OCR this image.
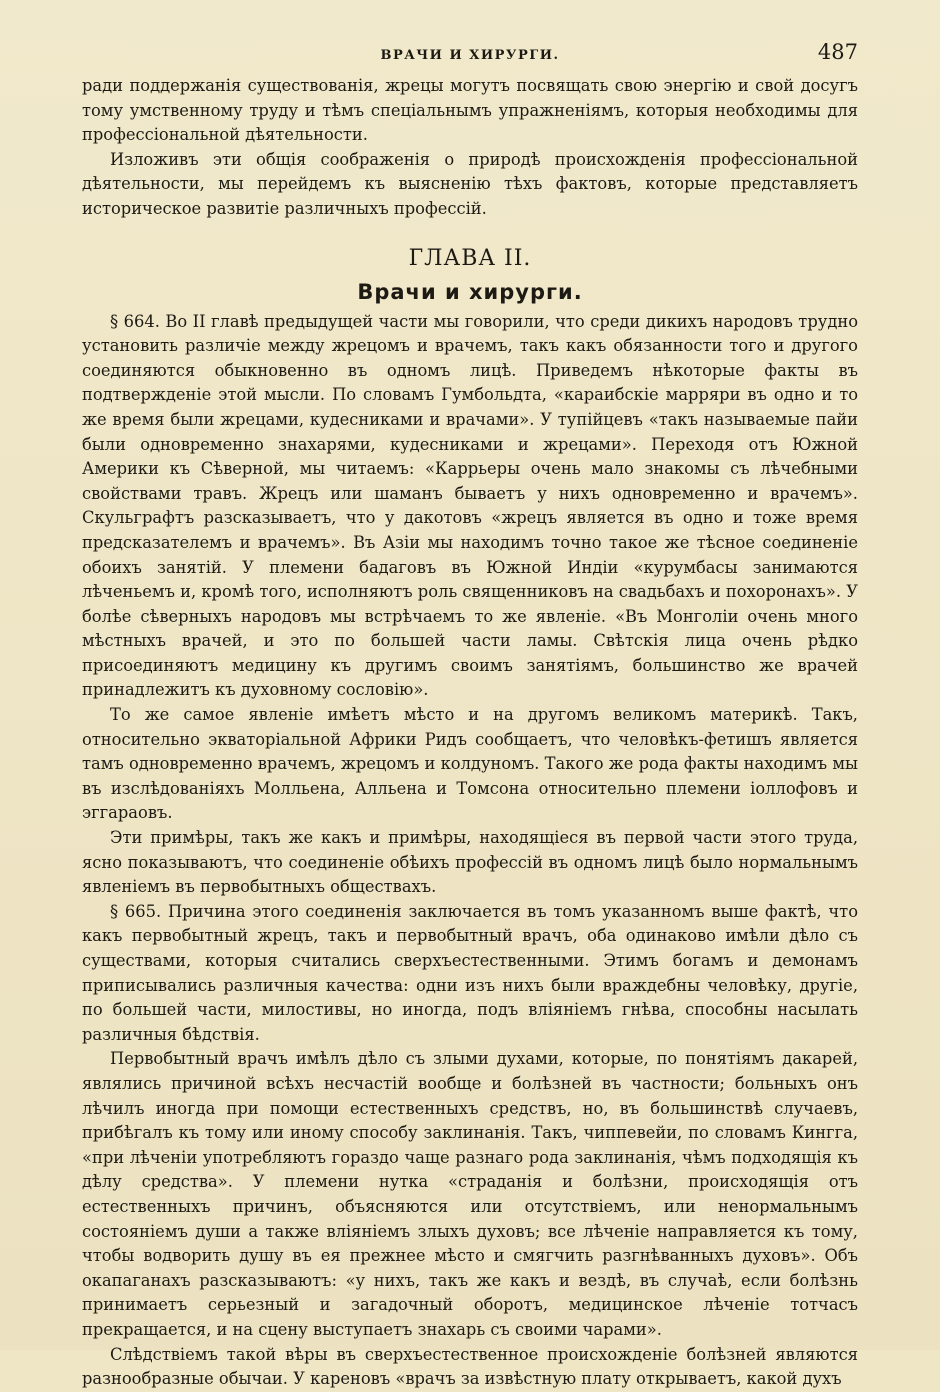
ВРАЧИ И ХИРУРГИ.	487

ради поддержанія существованія, жрецы могутъ посвящать свою энергію и свой досугъ тому умственному труду и тѣмъ спеціальнымъ упражненіямъ, которыя необходимы для профессіональной дѣятельности.

Изложивъ эти общія соображенія о природѣ происхожденія профессіональной дѣятельности, мы перейдемъ къ выясненію тѣхъ фактовъ, которые представляетъ историческое развитіе различныхъ профессій.

ГЛАВА II.
Врачи и хирурги.

§ 664. Во II главѣ предыдущей части мы говорили, что среди дикихъ народовъ трудно установить различіе между жрецомъ и врачемъ, такъ какъ обязанности того и другого соединяются обыкновенно въ одномъ лицѣ. Приведемъ нѣкоторые факты въ подтвержденіе этой мысли. По словамъ Гумбольдта, «караибскіе марряри въ одно и то же время были жрецами, кудесниками и врачами». У тупійцевъ «такъ называемые пайи были одновременно знахарями, кудесниками и жрецами». Переходя отъ Южной Америки къ Сѣверной, мы читаемъ: «Каррьеры очень мало знакомы съ лѣчебными свойствами травъ. Жрецъ или шаманъ бываетъ у нихъ одновременно и врачемъ». Скульграфтъ разсказываетъ, что у дакотовъ «жрецъ является въ одно и тоже время предсказателемъ и врачемъ». Въ Азіи мы находимъ точно такое же тѣсное соединеніе обоихъ занятій. У племени бадаговъ въ Южной Индіи «курумбасы занимаются лѣченьемъ и, кромѣ того, исполняютъ роль священниковъ на свадьбахъ и похоронахъ». У болѣе сѣверныхъ народовъ мы встрѣчаемъ то же явленіе. «Въ Монголіи очень много мѣстныхъ врачей, и это по большей части ламы. Свѣтскія лица очень рѣдко присоединяютъ медицину къ другимъ своимъ занятіямъ, большинство же врачей принадлежитъ къ духовному сословію».

То же самое явленіе имѣетъ мѣсто и на другомъ великомъ материкѣ. Такъ, относительно экваторіальной Африки Ридъ сообщаетъ, что человѣкъ-фетишъ является тамъ одновременно врачемъ, жрецомъ и колдуномъ. Такого же рода факты находимъ мы въ изслѣдованіяхъ Молльена, Алльена и Томсона относительно племени іоллофовъ и эггараовъ.

Эти примѣры, такъ же какъ и примѣры, находящіеся въ первой части этого труда, ясно показываютъ, что соединеніе обѣихъ профессій въ одномъ лицѣ было нормальнымъ явленіемъ въ первобытныхъ обществахъ.

§ 665. Причина этого соединенія заключается въ томъ указанномъ выше фактѣ, что какъ первобытный жрецъ, такъ и первобытный врачъ, оба одинаково имѣли дѣло съ существами, которыя считались сверхъестественными. Этимъ богамъ и демонамъ приписывались различныя качества: одни изъ нихъ были враждебны человѣку, другіе, по большей части, милостивы, но иногда, подъ вліяніемъ гнѣва, способны насылать различныя бѣдствія.

Первобытный врачъ имѣлъ дѣло съ злыми духами, которые, по понятіямъ дакарей, являлись причиной всѣхъ несчастій вообще и болѣзней въ частности; больныхъ онъ лѣчилъ иногда при помощи естественныхъ средствъ, но, въ большинствѣ случаевъ, прибѣгалъ къ тому или иному способу заклинанія. Такъ, чиппевейи, по словамъ Кингга, «при лѣченіи употребляютъ гораздо чаще разнаго рода заклинанія, чѣмъ подходящія къ дѣлу средства». У племени нутка «страданія и болѣзни, происходящія отъ естественныхъ причинъ, объясняются или отсутствіемъ, или ненормальнымъ состояніемъ души а также вліяніемъ злыхъ духовъ; все лѣченіе направляется къ тому, чтобы водворить душу въ ея прежнее мѣсто и смягчить разгнѣванныхъ духовъ». Объ окапаганахъ разсказываютъ: «у нихъ, такъ же какъ и вездѣ, въ случаѣ, если болѣзнь принимаетъ серьезный и загадочный оборотъ, медицинское лѣченіе тотчасъ прекращается, и на сцену выступаетъ знахарь съ своими чарами».

Слѣдствіемъ такой вѣры въ сверхъестественное происхожденіе болѣзней являются разнообразные обычаи. У кареновъ «врачъ за извѣстную плату открываетъ, какой духъ
